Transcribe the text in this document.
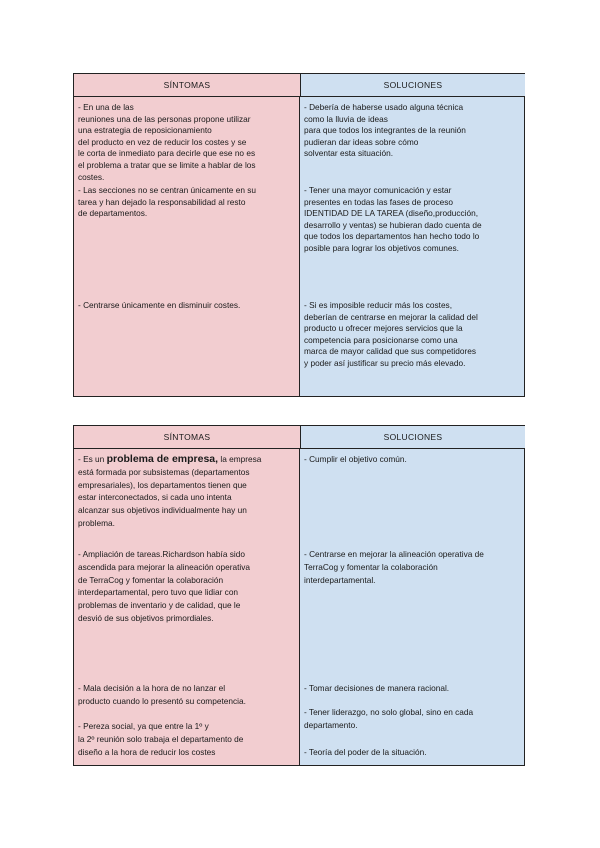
SÍNTOMAS	SOLUCIONES
- En una de las
reuniones una de las personas propone utilizar
una estrategia de reposicionamiento
del producto en vez de reducir los costes y se
le corta de inmediato para decirle que ese no es
el problema a tratar que se limite a hablar de los
costes.
- Las secciones no se centran únicamente en su
tarea y han dejado la responsabilidad al resto
de departamentos.
- Centrarse únicamente en disminuir costes.
- Debería de haberse usado alguna técnica
como la lluvia de ideas
para que todos los integrantes de la reunión
pudieran dar ideas sobre cómo
solventar esta situación.
- Tener una mayor comunicación y estar
presentes en todas las fases de proceso
IDENTIDAD DE LA TAREA (diseño,producción,
desarrollo y ventas) se hubieran dado cuenta de
que todos los departamentos han hecho todo lo
posible para lograr los objetivos comunes.
- Si es imposible reducir más los costes,
deberían de centrarse en mejorar la calidad del
producto u ofrecer mejores servicios que la
competencia para posicionarse como una
marca de mayor calidad que sus competidores
y poder así justificar su precio más elevado.
SÍNTOMAS	SOLUCIONES
- Es un problema de empresa, la empresa
está formada por subsistemas (departamentos
empresariales), los departamentos tienen que
estar interconectados, si cada uno intenta
alcanzar sus objetivos individualmente hay un
problema.
- Ampliación de tareas.Richardson había sido
ascendida para mejorar la alineación operativa
de TerraCog y fomentar la colaboración
interdepartamental, pero tuvo que lidiar con
problemas de inventario y de calidad, que le
desvió de sus objetivos primordiales.
- Mala decisión a la hora de no lanzar el
producto cuando lo presentó su competencia.
- Pereza social, ya que entre la 1º y
la 2º reunión solo trabaja el departamento de
diseño a la hora de reducir los costes
- Cumplir el objetivo común.
- Centrarse en mejorar la alineación operativa de
TerraCog y fomentar la colaboración
interdepartamental.
- Tomar decisiones de manera racional.
- Tener liderazgo, no solo global, sino en cada
departamento.
- Teoría del poder de la situación.
